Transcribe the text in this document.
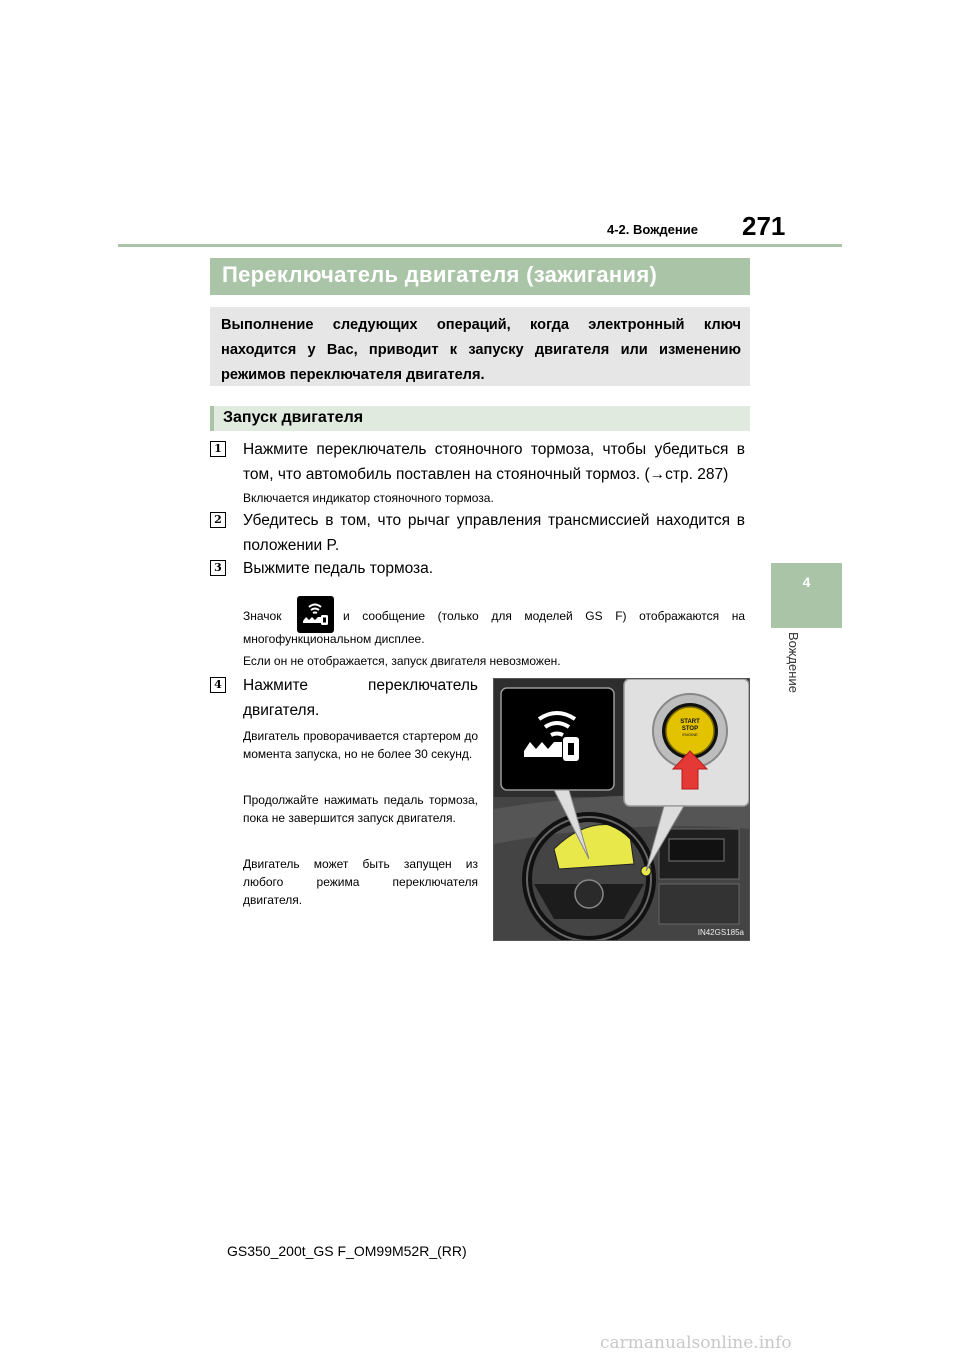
4-2. Вождение 271
4
Вождение
Переключатель двигателя (зажигания)
Выполнение следующих операций, когда электронный ключ находится у Вас, приводит к запуску двигателя или изменению режимов переключателя двигателя.
Запуск двигателя
1 Нажмите переключатель стояночного тормоза, чтобы убедиться в том, что автомобиль поставлен на стояночный тормоз. (→стр. 287)
Включается индикатор стояночного тормоза.
2 Убедитесь в том, что рычаг управления трансмиссией находится в положении P.
3 Выжмите педаль тормоза.
Значок	и сообщение (только для моделей GS F) отображаются на
многофункциональном дисплее.
Если он не отображается, запуск двигателя невозможен.
4 Нажмите переключатель двигателя.
Двигатель проворачивается стартером до момента запуска, но не более 30 секунд.
Продолжайте нажимать педаль тормоза, пока не завершится запуск двигателя.
Двигатель может быть запущен из любого режима переключателя двигателя.
START
STOP
ENGINE
IN42GS185a
GS350_200t_GS F_OM99M52R_(RR)
carmanualsonline.info
